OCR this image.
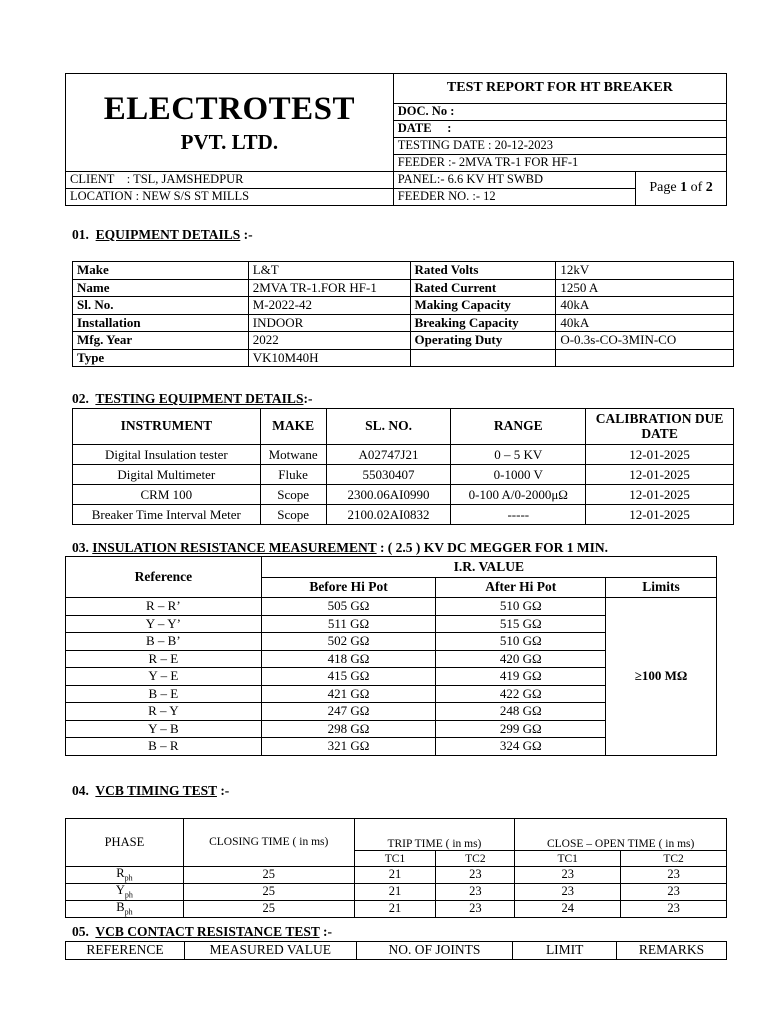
ELECTROTEST
PVT. LTD.	TEST REPORT FOR HT BREAKER	
	DOC. No :	
	DATE     :	
	TESTING DATE : 20-12-2023	
	FEEDER :- 2MVA TR-1 FOR HF-1	
CLIENT    : TSL, JAMSHEDPUR	PANEL:- 6.6 KV HT SWBD	Page 1 of 2
LOCATION : NEW S/S ST MILLS	FEEDER NO. :- 12	
01. EQUIPMENT DETAILS :-
Make	L&T	Rated Volts	12kV
Name	2MVA TR-1.FOR HF-1	Rated Current	1250 A
Sl. No.	M-2022-42	Making Capacity	40kA
Installation	INDOOR	Breaking Capacity	40kA
Mfg. Year	2022	Operating Duty	O-0.3s-CO-3MIN-CO
Type	VK10M40H		
02. TESTING EQUIPMENT DETAILS:-
INSTRUMENT	MAKE	SL. NO.	RANGE	CALIBRATION DUE DATE
Digital Insulation tester	Motwane	A02747J21	0 – 5 KV	12-01-2025
Digital Multimeter	Fluke	55030407	0-1000 V	12-01-2025
CRM 100	Scope	2300.06AI0990	0-100 A/0-2000μΩ	12-01-2025
Breaker Time Interval Meter	Scope	2100.02AI0832	-----	12-01-2025
03. INSULATION RESISTANCE MEASUREMENT : ( 2.5 ) KV DC MEGGER FOR 1 MIN.
Reference	I.R. VALUE		
	Before Hi Pot	After Hi Pot	Limits
R – R’	505 GΩ	510 GΩ	≥100 MΩ
Y – Y’	511 GΩ	515 GΩ	
B – B’	502 GΩ	510 GΩ	
R – E	418 GΩ	420 GΩ	
Y – E	415 GΩ	419 GΩ	
B – E	421 GΩ	422 GΩ	
R – Y	247 GΩ	248 GΩ	
Y – B	298 GΩ	299 GΩ	
B – R	321 GΩ	324 GΩ	
04. VCB TIMING TEST :-
PHASE	CLOSING TIME ( in ms)	TRIP TIME ( in ms)		CLOSE – OPEN TIME ( in ms)	
		TC1	TC2	TC1	TC2
$R_{ph}$	25	21	23	23	23
$Y_{ph}$	25	21	23	23	23
$B_{ph}$	25	21	23	24	23
05. VCB CONTACT RESISTANCE TEST :-
REFERENCE	MEASURED VALUE	NO. OF JOINTS	LIMIT	REMARKS
